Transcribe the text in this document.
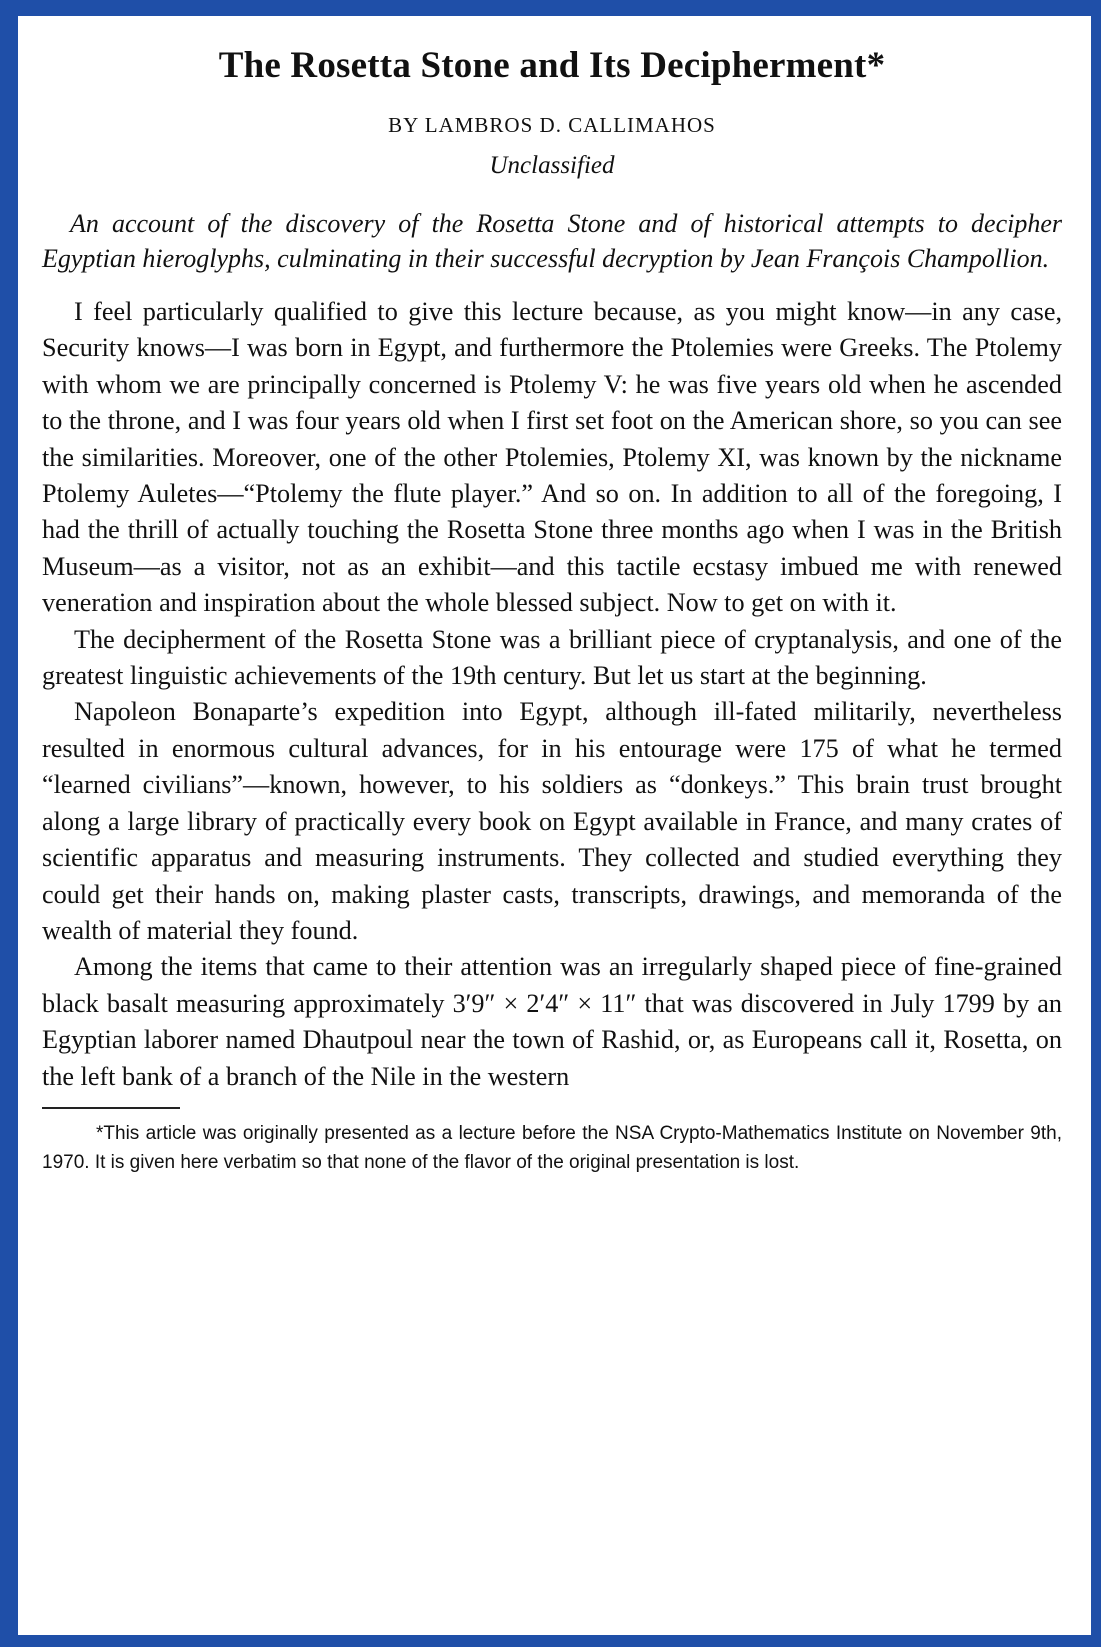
The Rosetta Stone and Its Decipherment*
BY LAMBROS D. CALLIMAHOS
Unclassified

An account of the discovery of the Rosetta Stone and of historical attempts to decipher Egyptian hieroglyphs, culminating in their successful decryption by Jean François Champollion.

I feel particularly qualified to give this lecture because, as you might know—in any case, Security knows—I was born in Egypt, and furthermore the Ptolemies were Greeks. The Ptolemy with whom we are principally concerned is Ptolemy V: he was five years old when he ascended to the throne, and I was four years old when I first set foot on the American shore, so you can see the similarities. Moreover, one of the other Ptolemies, Ptolemy XI, was known by the nickname Ptolemy Auletes—“Ptolemy the flute player.” And so on. In addition to all of the foregoing, I had the thrill of actually touching the Rosetta Stone three months ago when I was in the British Museum—as a visitor, not as an exhibit—and this tactile ecstasy imbued me with renewed veneration and inspiration about the whole blessed subject. Now to get on with it.

The decipherment of the Rosetta Stone was a brilliant piece of cryptanalysis, and one of the greatest linguistic achievements of the 19th century. But let us start at the beginning.

Napoleon Bonaparte’s expedition into Egypt, although ill-fated militarily, nevertheless resulted in enormous cultural advances, for in his entourage were 175 of what he termed “learned civilians”—known, however, to his soldiers as “donkeys.” This brain trust brought along a large library of practically every book on Egypt available in France, and many crates of scientific apparatus and measuring instruments. They collected and studied everything they could get their hands on, making plaster casts, transcripts, drawings, and memoranda of the wealth of material they found.

Among the items that came to their attention was an irregularly shaped piece of fine-grained black basalt measuring approximately 3′9″ × 2′4″ × 11″ that was discovered in July 1799 by an Egyptian laborer named Dhautpoul near the town of Rashid, or, as Europeans call it, Rosetta, on the left bank of a branch of the Nile in the western

*This article was originally presented as a lecture before the NSA Crypto-Mathematics Institute on November 9th, 1970. It is given here verbatim so that none of the flavor of the original presentation is lost.
